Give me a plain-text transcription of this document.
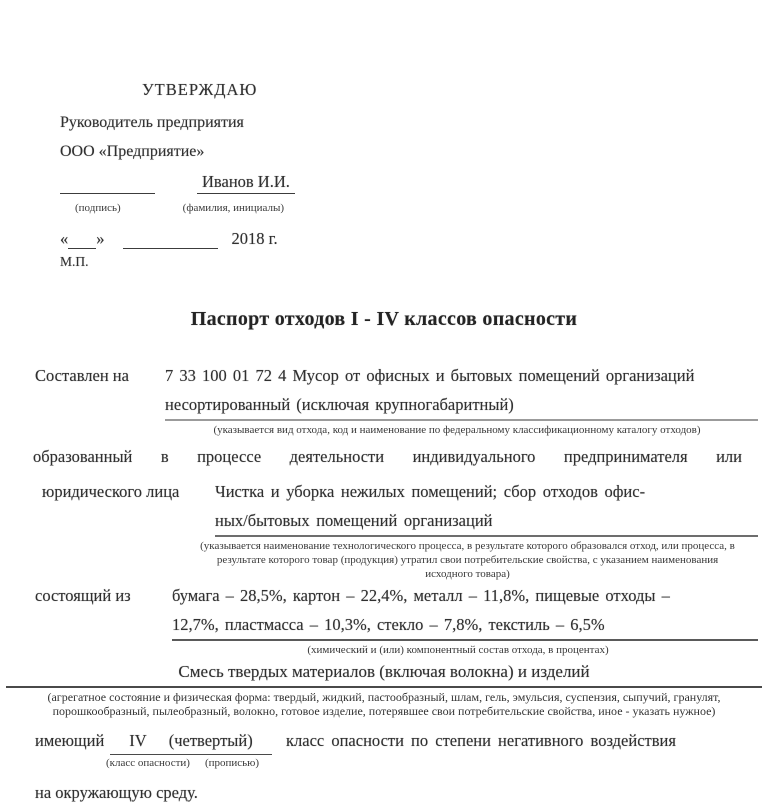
УТВЕРЖДАЮ
Руководитель предприятия
ООО «Предприятие»
Иванов И.И.
(подпись)	(фамилия, инициалы)
« »	2018 г.
М.П.
Паспорт отходов I - IV классов опасности
Составлен на	7 33 100 01 72 4 Мусор от офисных и бытовых помещений организаций
несортированный (исключая крупногабаритный)
(указывается вид отхода, код и наименование по федеральному классификационному каталогу отходов)

образованный в процессе деятельности индивидуального предпринимателя или

юридического лица	Чистка и уборка нежилых помещений; сбор отходов офис-
ных/бытовых помещений организаций
(указывается наименование технологического процесса, в результате которого образовался отход, или процесса, в результате которого товар (продукция) утратил свои потребительские свойства, с указанием наименования исходного товара)
состоящий из	бумага – 28,5%, картон – 22,4%, металл – 11,8%, пищевые отходы –
12,7%, пластмасса – 10,3%, стекло – 7,8%, текстиль – 6,5%
(химический и (или) компонентный состав отхода, в процентах)
Смесь твердых материалов (включая волокна) и изделий
(агрегатное состояние и физическая форма: твердый, жидкий, пастообразный, шлам, гель, эмульсия, суспензия, сыпучий, гранулят, порошкообразный, пылеобразный, волокно, готовое изделие, потерявшее свои потребительские свойства, иное - указать нужное)
имеющий	IV (четвертый)
(класс опасности) (прописью)
класс опасности по степени негативного воздействия
на окружающую среду.
